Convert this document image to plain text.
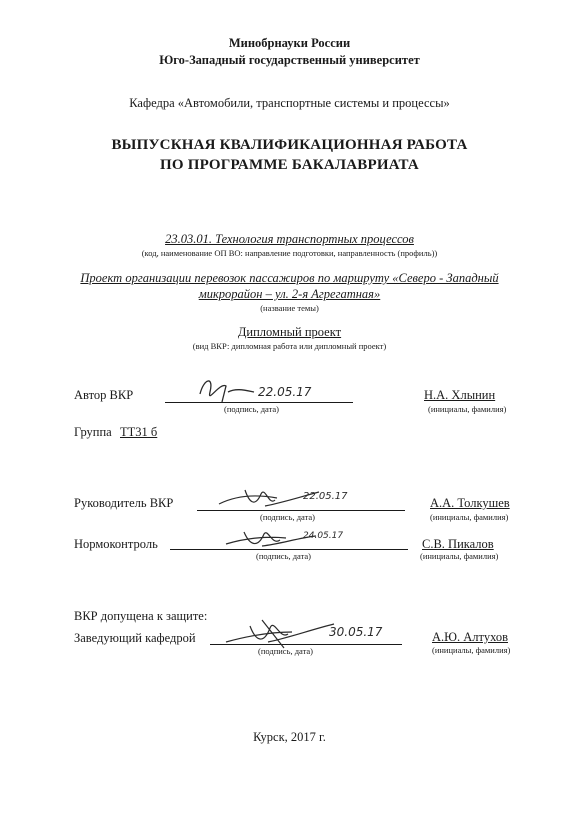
Минобрнауки России
Юго-Западный государственный университет
Кафедра «Автомобили, транспортные системы и процессы»
ВЫПУСКНАЯ КВАЛИФИКАЦИОННАЯ РАБОТА
ПО ПРОГРАММЕ БАКАЛАВРИАТА
23.03.01. Технология транспортных процессов
(код, наименование ОП ВО: направление подготовки, направленность (профиль))
Проект организации перевозок пассажиров по маршруту «Северо - Западный
микрорайон – ул. 2-я Агрегатная»
(название темы)
Дипломный проект
(вид ВКР: дипломная работа или дипломный проект)
Автор ВКР	22.05.17
(подпись, дата)
Н.А. Хлынин
(инициалы, фамилия)
Группа ТТ31 б
Руководитель ВКР	22.05.17
(подпись, дата)
А.А. Толкушев
(инициалы, фамилия)
Нормоконтроль
24.05.17
(подпись, дата)
С.В. Пикалов
(инициалы, фамилия)
ВКР допущена к защите:
Заведующий кафедрой	30.05.17
(подпись, дата)
А.Ю. Алтухов
(инициалы, фамилия)
Курск, 2017 г.
